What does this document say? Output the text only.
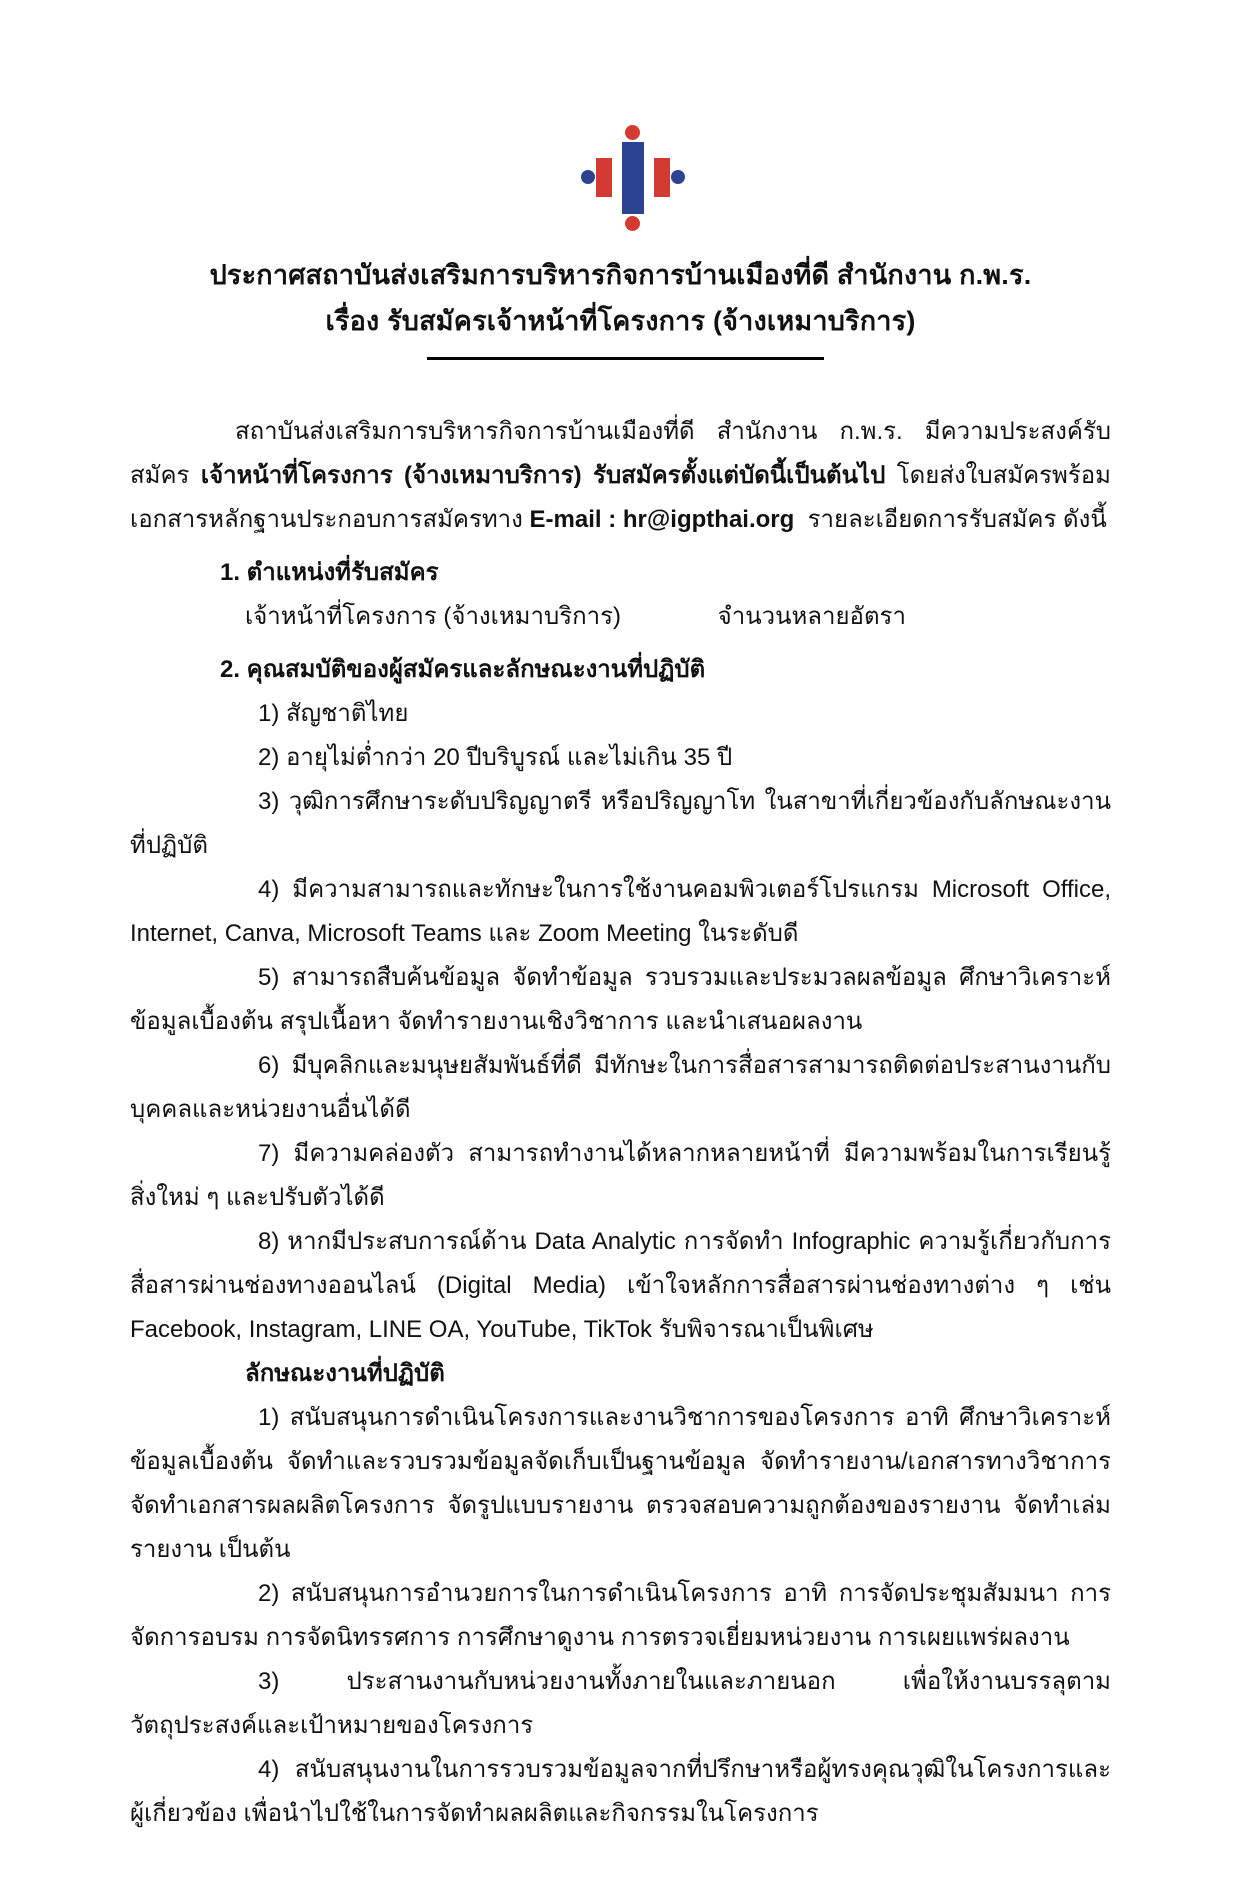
ประกาศสถาบันส่งเสริมการบริหารกิจการบ้านเมืองที่ดี สำนักงาน ก.พ.ร.
เรื่อง รับสมัครเจ้าหน้าที่โครงการ (จ้างเหมาบริการ)
สถาบันส่งเสริมการบริหารกิจการบ้านเมืองที่ดี สำนักงาน ก.พ.ร. มีความประสงค์รับสมัคร เจ้าหน้าที่โครงการ (จ้างเหมาบริการ) รับสมัครตั้งแต่บัดนี้เป็นต้นไป โดยส่งใบสมัครพร้อมเอกสารหลักฐานประกอบการสมัครทาง E-mail : hr@igpthai.org  รายละเอียดการรับสมัคร ดังนี้
1. ตำแหน่งที่รับสมัคร
เจ้าหน้าที่โครงการ (จ้างเหมาบริการ)	จำนวนหลายอัตรา
2. คุณสมบัติของผู้สมัครและลักษณะงานที่ปฏิบัติ
1) สัญชาติไทย
2) อายุไม่ต่ำกว่า 20 ปีบริบูรณ์ และไม่เกิน 35 ปี
3) วุฒิการศึกษาระดับปริญญาตรี หรือปริญญาโท ในสาขาที่เกี่ยวข้องกับลักษณะงานที่ปฏิบัติ
4) มีความสามารถและทักษะในการใช้งานคอมพิวเตอร์โปรแกรม Microsoft Office, Internet, Canva, Microsoft Teams และ Zoom Meeting ในระดับดี
5) สามารถสืบค้นข้อมูล จัดทำข้อมูล รวบรวมและประมวลผลข้อมูล ศึกษาวิเคราะห์ข้อมูลเบื้องต้น สรุปเนื้อหา จัดทำรายงานเชิงวิชาการ และนำเสนอผลงาน
6) มีบุคลิกและมนุษยสัมพันธ์ที่ดี มีทักษะในการสื่อสารสามารถติดต่อประสานงานกับบุคคลและหน่วยงานอื่นได้ดี
7) มีความคล่องตัว สามารถทำงานได้หลากหลายหน้าที่ มีความพร้อมในการเรียนรู้สิ่งใหม่ ๆ และปรับตัวได้ดี
8) หากมีประสบการณ์ด้าน Data Analytic การจัดทำ Infographic ความรู้เกี่ยวกับการสื่อสารผ่านช่องทางออนไลน์ (Digital Media) เข้าใจหลักการสื่อสารผ่านช่องทางต่าง ๆ เช่น Facebook, Instagram, LINE OA, YouTube, TikTok รับพิจารณาเป็นพิเศษ
ลักษณะงานที่ปฏิบัติ
1) สนับสนุนการดำเนินโครงการและงานวิชาการของโครงการ อาทิ ศึกษาวิเคราะห์ข้อมูลเบื้องต้น จัดทำและรวบรวมข้อมูลจัดเก็บเป็นฐานข้อมูล จัดทำรายงาน/เอกสารทางวิชาการ จัดทำเอกสารผลผลิตโครงการ จัดรูปแบบรายงาน ตรวจสอบความถูกต้องของรายงาน จัดทำเล่มรายงาน เป็นต้น
2) สนับสนุนการอำนวยการในการดำเนินโครงการ อาทิ การจัดประชุมสัมมนา การจัดการอบรม การจัดนิทรรศการ การศึกษาดูงาน การตรวจเยี่ยมหน่วยงาน การเผยแพร่ผลงาน
3) ประสานงานกับหน่วยงานทั้งภายในและภายนอก เพื่อให้งานบรรลุตามวัตถุประสงค์และเป้าหมายของโครงการ
4) สนับสนุนงานในการรวบรวมข้อมูลจากที่ปรึกษาหรือผู้ทรงคุณวุฒิในโครงการและผู้เกี่ยวข้อง เพื่อนำไปใช้ในการจัดทำผลผลิตและกิจกรรมในโครงการ
